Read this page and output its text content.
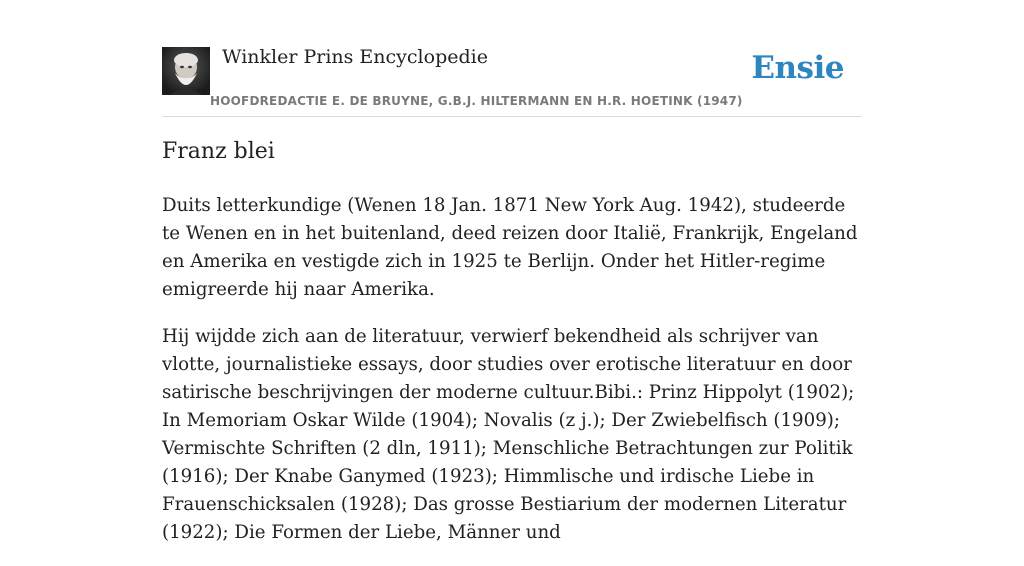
Winkler Prins Encyclopedie
HOOFDREDACTIE E. DE BRUYNE, G.B.J. HILTERMANN EN H.R. HOETINK (1947)
Ensie
Franz blei

Duits letterkundige (Wenen 18 Jan. 1871 New York Aug. 1942), studeerde te Wenen en in het buitenland, deed reizen door Italië, Frankrijk, Engeland en Amerika en vestigde zich in 1925 te Berlijn. Onder het Hitler-regime emigreerde hij naar Amerika.

Hij wijdde zich aan de literatuur, verwierf bekendheid als schrijver van vlotte, journalistieke essays, door studies over erotische literatuur en door satirische beschrijvingen der moderne cultuur.Bibi.: Prinz Hippolyt (1902); In Memoriam Oskar Wilde (1904); Novalis (z j.); Der Zwiebelfisch (1909); Vermischte Schriften (2 dln, 1911); Menschliche Betrachtungen zur Politik (1916); Der Knabe Ganymed (1923); Himmlische und irdische Liebe in Frauenschicksalen (1928); Das grosse Bestiarium der modernen Literatur (1922); Die Formen der Liebe, Männer und
